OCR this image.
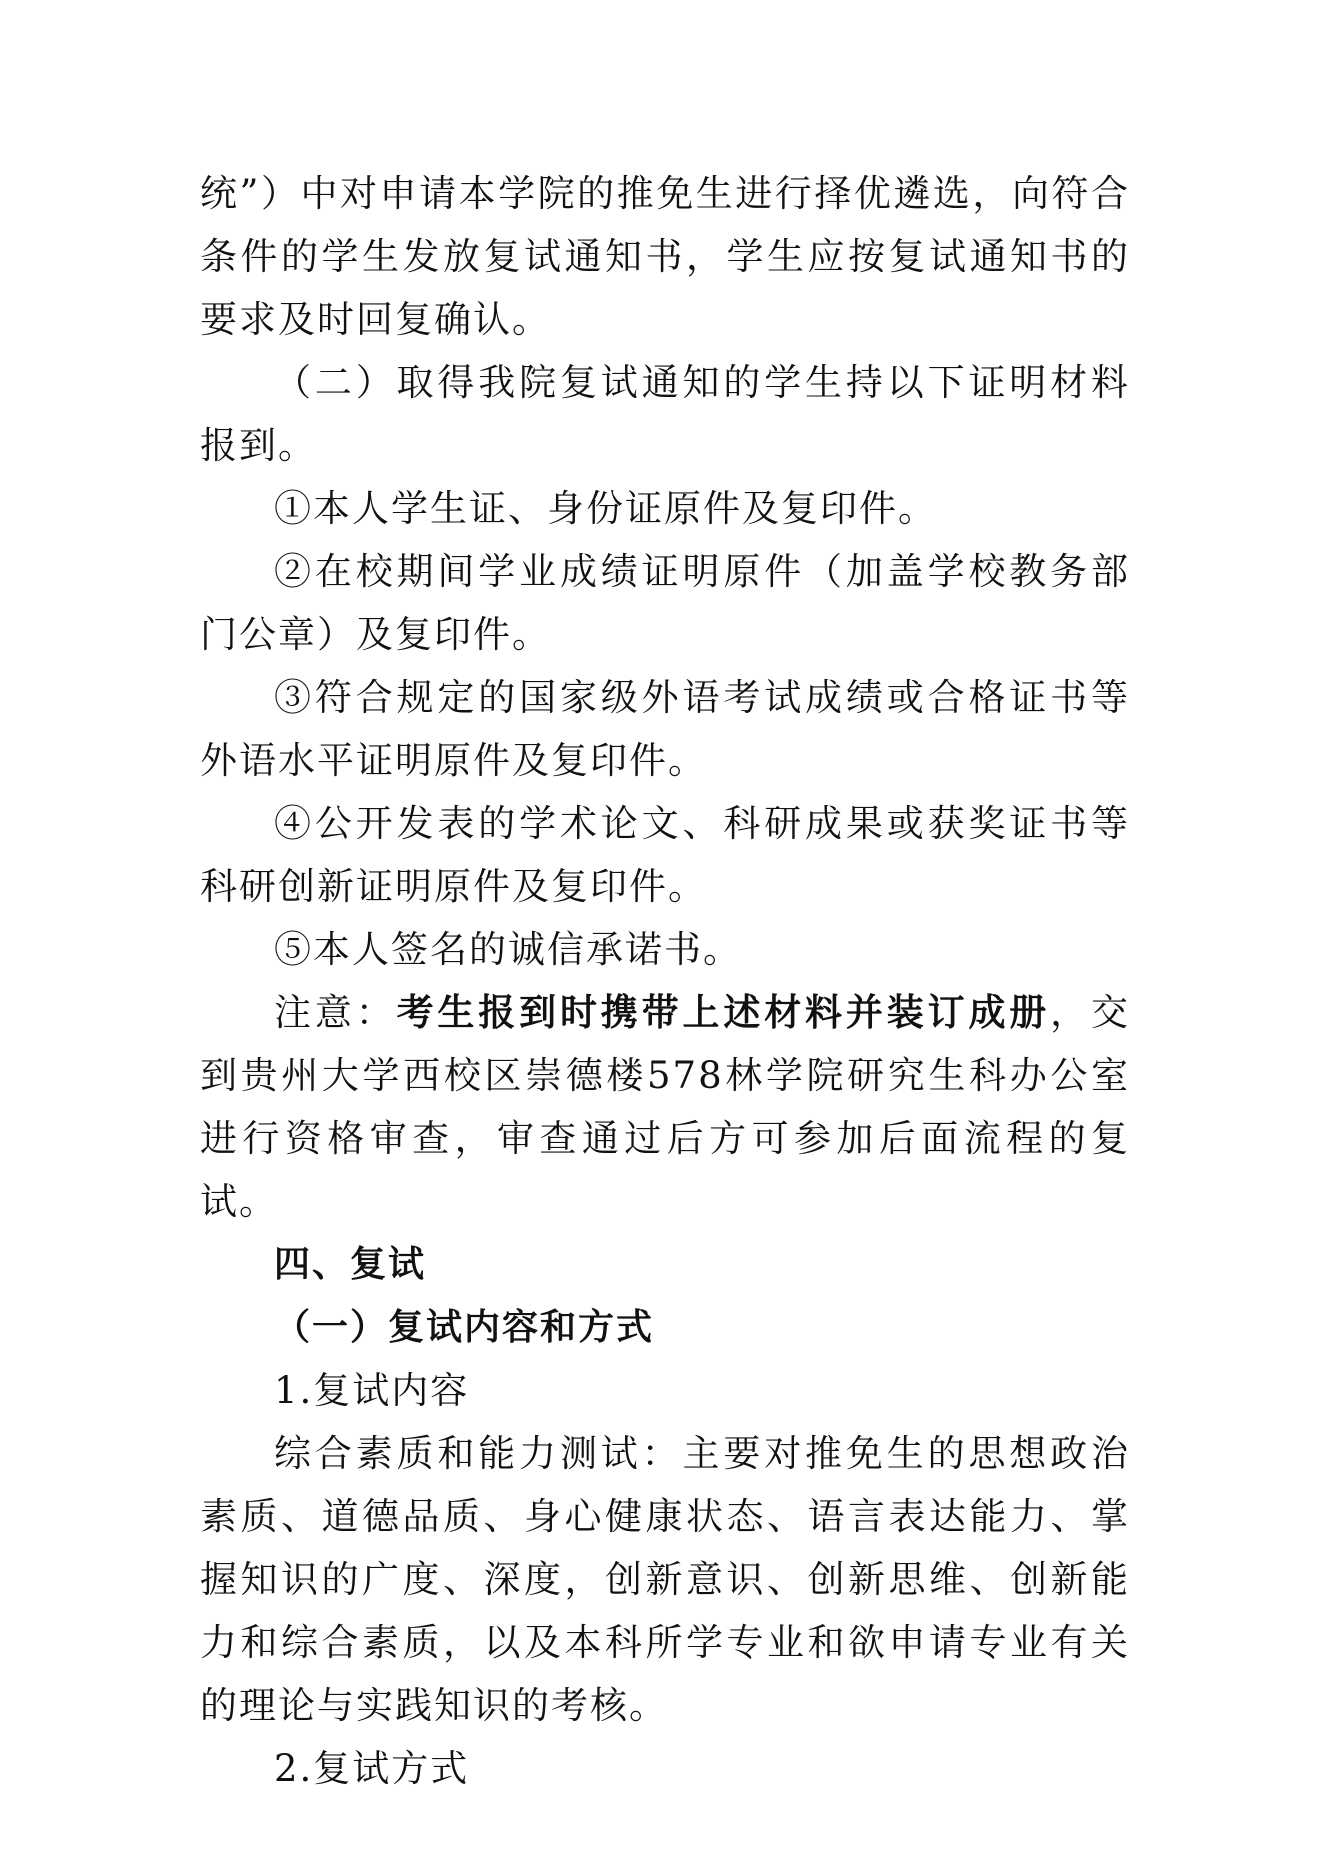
统”）中对申请本学院的推免生进行择优遴选，向符合条件的学生发放复试通知书，学生应按复试通知书的要求及时回复确认。

（二）取得我院复试通知的学生持以下证明材料报到。

①本人学生证、身份证原件及复印件。

②在校期间学业成绩证明原件（加盖学校教务部门公章）及复印件。

③符合规定的国家级外语考试成绩或合格证书等外语水平证明原件及复印件。

④公开发表的学术论文、科研成果或获奖证书等科研创新证明原件及复印件。

⑤本人签名的诚信承诺书。

注意：考生报到时携带上述材料并装订成册，交到贵州大学西校区崇德楼578林学院研究生科办公室进行资格审查，审查通过后方可参加后面流程的复试。

四、复试

（一）复试内容和方式

1.复试内容

综合素质和能力测试：主要对推免生的思想政治素质、道德品质、身心健康状态、语言表达能力、掌握知识的广度、深度，创新意识、创新思维、创新能力和综合素质，以及本科所学专业和欲申请专业有关的理论与实践知识的考核。

2.复试方式
